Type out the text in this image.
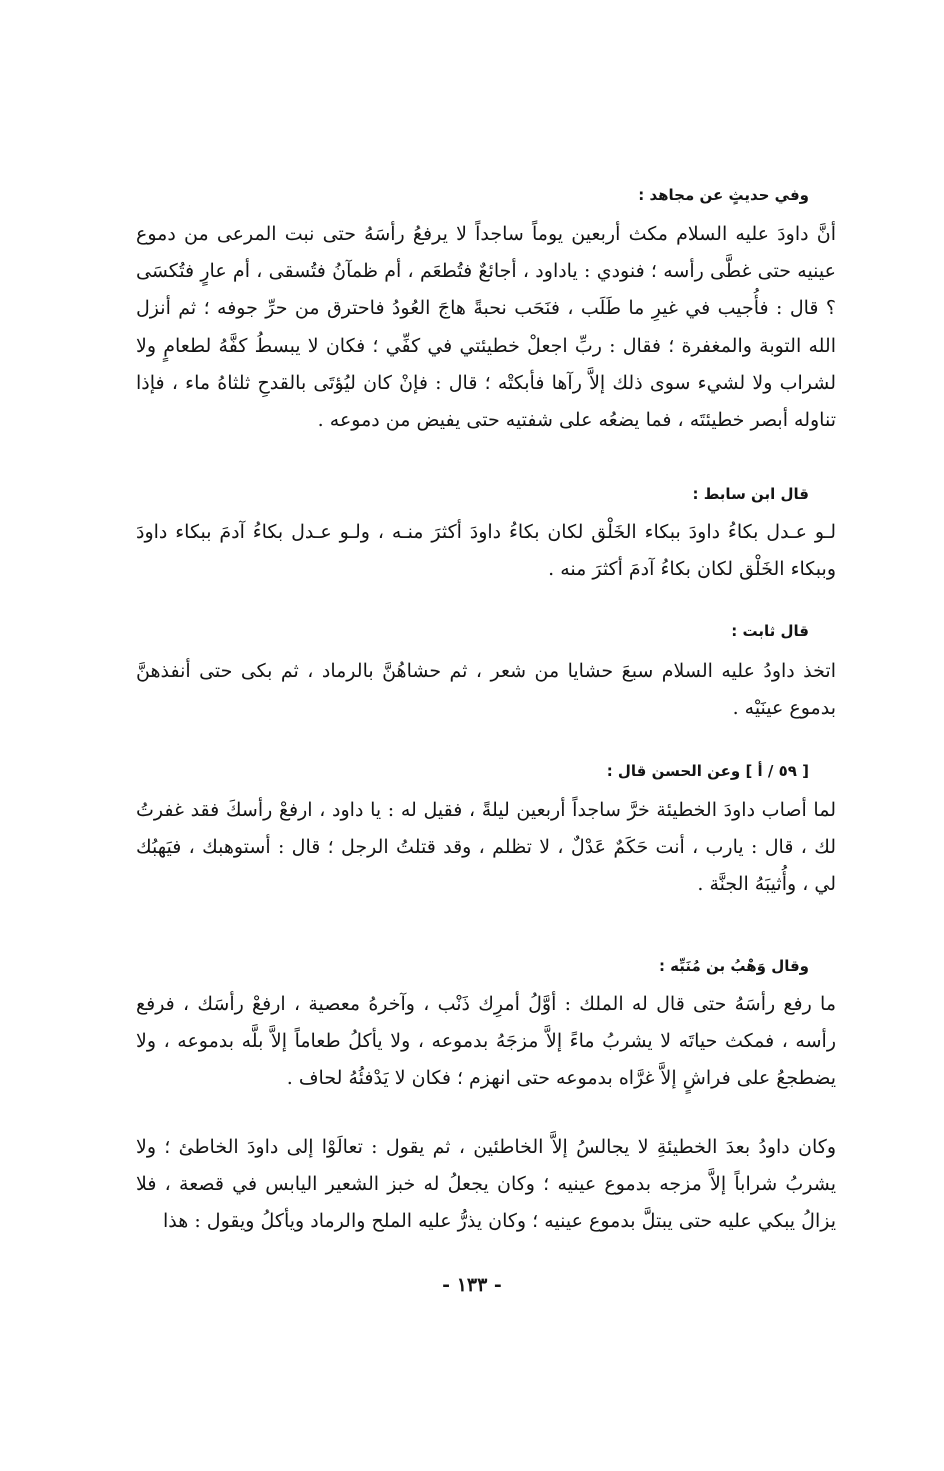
وفي حديثٍ عن مجاهد :
أنَّ داودَ عليه السلام مكث أربعين يوماً ساجداً لا يرفعُ رأسَهُ حتى نبت المرعى من دموع عينيه حتى غطَّى رأسه ؛ فنودي : ياداود ، أجائعٌ فتُطعَم ، أم ظمآنُ فتُسقى ، أم عارٍ فتُكسَى ؟ قال : فأُجيب في غيرِ ما طَلَب ، فنَحَب نحبةً هاجَ العُودُ فاحترق من حرِّ جوفه ؛ ثم أنزل الله التوبة والمغفرة ؛ فقال : ربِّ اجعلْ خطيئتي في كفِّي ؛ فكان لا يبسطُ كفَّهُ لطعامٍ ولا لشراب ولا لشيء سوى ذلك إلاَّ رآها فأبكتْه ؛ قال : فإنْ كان ليُؤتَى بالقدحِ ثلثاهُ ماء ، فإذا تناوله أبصر خطيئتَه ، فما يضعُه على شفتيه حتى يفيض من دموعه .
قال ابن سابط :
لـو عـدل بكاءُ داودَ ببكاء الخَلْق لكان بكاءُ داودَ أكثرَ منـه ، ولـو عـدل بكاءُ آدمَ ببكاء داودَ وببكاء الخَلْق لكان بكاءُ آدمَ أكثرَ منه .
قال ثابت :
اتخذ داودُ عليه السلام سبعَ حشايا من شعر ، ثم حشاهُنَّ بالرماد ، ثم بكى حتى أنفذهنَّ بدموع عينَيْه .
[ ٥٩ / أ ] وعن الحسن قال :
لما أصاب داودَ الخطيئة خرَّ ساجداً أربعين ليلةً ، فقيل له : يا داود ، ارفعْ رأسكَ فقد غفرتُ لك ، قال : يارب ، أنت حَكَمٌ عَدْلٌ ، لا تظلم ، وقد قتلتُ الرجل ؛ قال : أستوهبك ، فيَهبُك لي ، وأُثيبَهُ الجنَّة .
وقال وَهْبُ بن مُنَبِّه :
ما رفع رأسَهُ حتى قال له الملك : أوَّلُ أمرِك ذَنْب ، وآخرهُ معصية ، ارفعْ رأسَك ، فرفع رأسه ، فمكث حياتَه لا يشربُ ماءً إلاَّ مزجَهُ بدموعه ، ولا يأكلُ طعاماً إلاَّ بلَّه بدموعه ، ولا يضطجعُ على فراشٍ إلاَّ غرَّاه بدموعه حتى انهزم ؛ فكان لا يَدْفئُهُ لحاف .
وكان داودُ بعدَ الخطيئةِ لا يجالسُ إلاَّ الخاطئين ، ثم يقول : تعالَوْا إلى داودَ الخاطئ ؛ ولا يشربُ شراباً إلاَّ مزجه بدموع عينيه ؛ وكان يجعلُ له خبز الشعير اليابس في قصعة ، فلا يزالُ يبكي عليه حتى يبتلَّ بدموع عينيه ؛ وكان يذرُّ عليه الملح والرماد ويأكلُ ويقول : هذا
- ١٣٣ -
